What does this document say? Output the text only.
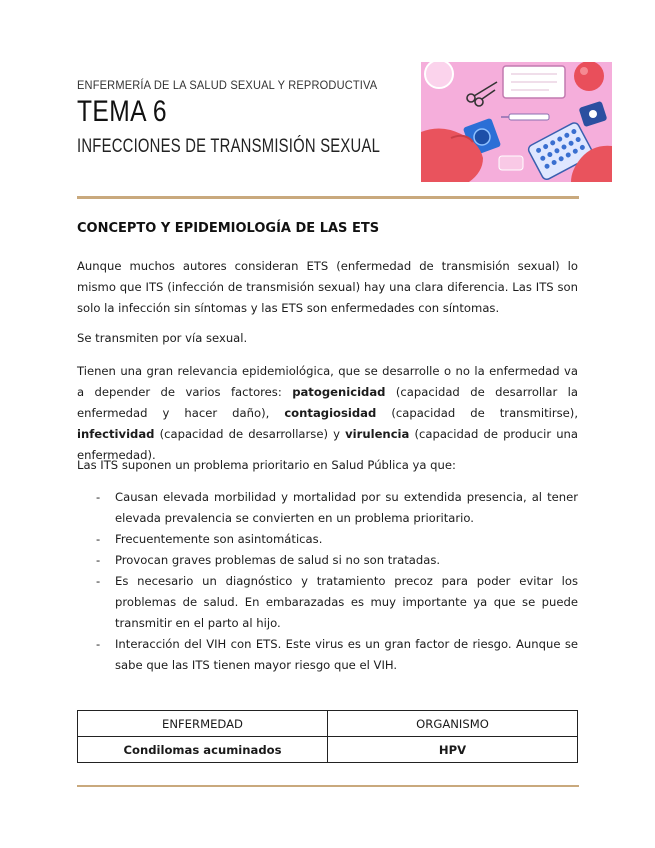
ENFERMERÍA DE LA SALUD SEXUAL Y REPRODUCTIVA
TEMA 6
INFECCIONES DE TRANSMISIÓN SEXUAL
CONCEPTO Y EPIDEMIOLOGÍA DE LAS ETS
Aunque muchos autores consideran ETS (enfermedad de transmisión sexual) lo mismo que ITS (infección de transmisión sexual) hay una clara diferencia. Las ITS son solo la infección sin síntomas y las ETS son enfermedades con síntomas.
Se transmiten por vía sexual.
Tienen una gran relevancia epidemiológica, que se desarrolle o no la enfermedad va a depender de varios factores: patogenicidad (capacidad de desarrollar la enfermedad y hacer daño), contagiosidad (capacidad de transmitirse), infectividad (capacidad de desarrollarse) y virulencia (capacidad de producir una enfermedad).
Las ITS suponen un problema prioritario en Salud Pública ya que:
- Causan elevada morbilidad y mortalidad por su extendida presencia, al tener elevada prevalencia se convierten en un problema prioritario.
- Frecuentemente son asintomáticas.
- Provocan graves problemas de salud si no son tratadas.
- Es necesario un diagnóstico y tratamiento precoz para poder evitar los problemas de salud. En embarazadas es muy importante ya que se puede transmitir en el parto al hijo.
- Interacción del VIH con ETS. Este virus es un gran factor de riesgo. Aunque se sabe que las ITS tienen mayor riesgo que el VIH.
ENFERMEDAD	ORGANISMO
Condilomas acuminados	HPV
